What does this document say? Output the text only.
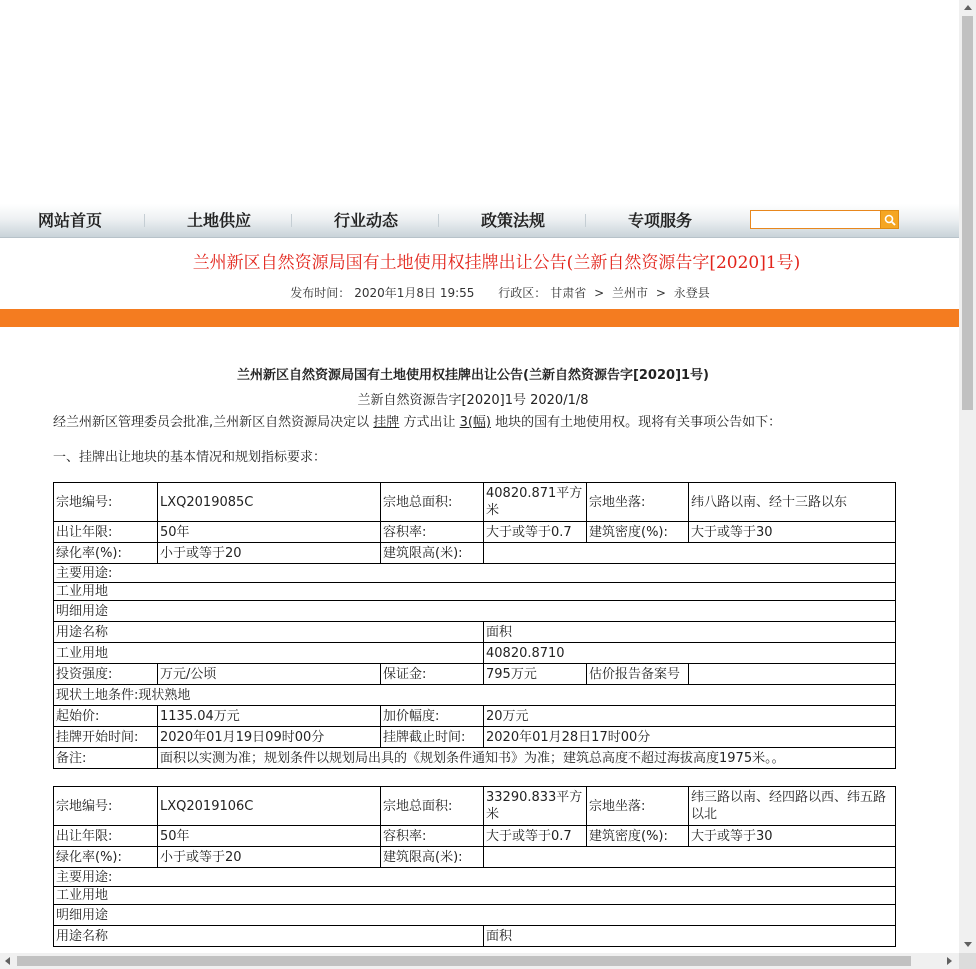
网站首页	土地供应	行业动态	政策法规	专项服务
兰州新区自然资源局国有土地使用权挂牌出让公告(兰新自然资源告字[2020]1号)
发布时间： 2020年1月8日 19:55 行政区： 甘肃省 > 兰州市 > 永登县
兰州新区自然资源局国有土地使用权挂牌出让公告(兰新自然资源告字[2020]1号)
兰新自然资源告字[2020]1号 2020/1/8
经兰州新区管理委员会批准,兰州新区自然资源局决定以 挂牌 方式出让 3(幅) 地块的国有土地使用权。现将有关事项公告如下：
一、挂牌出让地块的基本情况和规划指标要求：
宗地编号:	LXQ2019085C	宗地总面积:	40820.871平方米	宗地坐落:	纬八路以南、经十三路以东
出让年限:	50年	容积率:	大于或等于0.7	建筑密度(%):	大于或等于30
绿化率(%):	小于或等于20	建筑限高(米):			
主要用途:					
工业用地					
明细用途					
用途名称			面积		
工业用地			40820.8710		
投资强度:	万元/公顷	保证金:	795万元	估价报告备案号	
现状土地条件:现状熟地					
起始价:	1135.04万元	加价幅度:	20万元		
挂牌开始时间:	2020年01月19日09时00分	挂牌截止时间:	2020年01月28日17时00分		
备注:	面积以实测为准；规划条件以规划局出具的《规划条件通知书》为准；建筑总高度不超过海拔高度1975米。。				
宗地编号:	LXQ2019106C	宗地总面积:	33290.833平方米	宗地坐落:	纬三路以南、经四路以西、纬五路以北
出让年限:	50年	容积率:	大于或等于0.7	建筑密度(%):	大于或等于30
绿化率(%):	小于或等于20	建筑限高(米):			
主要用途:					
工业用地					
明细用途					
用途名称			面积		
